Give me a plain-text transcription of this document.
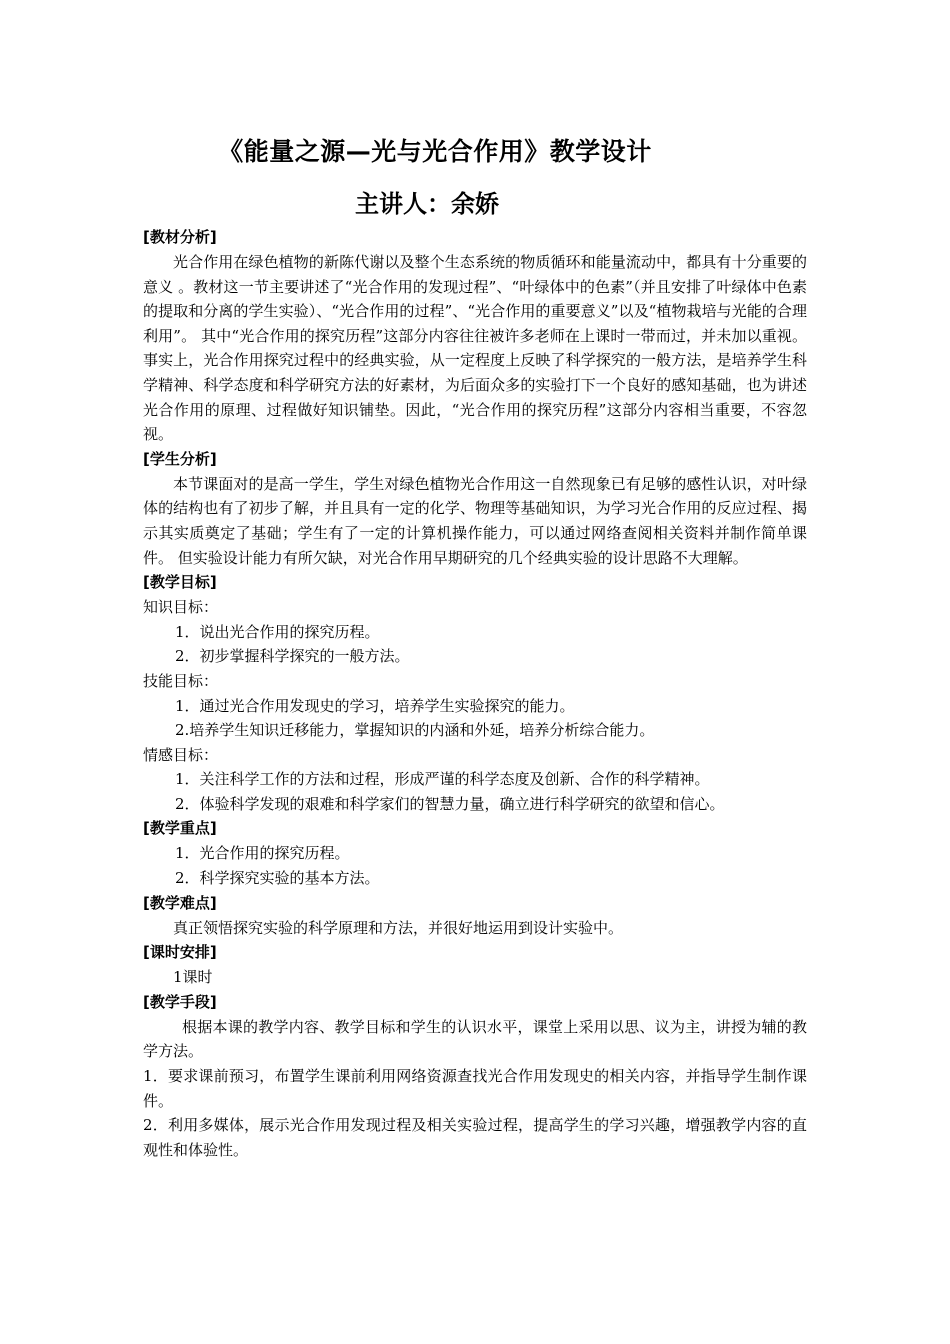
《能量之源—光与光合作用》教学设计
主讲人：余娇
[教材分析]
光合作用在绿色植物的新陈代谢以及整个生态系统的物质循环和能量流动中，都具有十分重要的意义 。教材这一节主要讲述了“光合作用的发现过程”、“叶绿体中的色素”（并且安排了叶绿体中色素的提取和分离的学生实验）、“光合作用的过程”、“光合作用的重要意义”以及“植物栽培与光能的合理利用”。 其中“光合作用的探究历程”这部分内容往往被许多老师在上课时一带而过，并未加以重视。事实上，光合作用探究过程中的经典实验，从一定程度上反映了科学探究的一般方法，是培养学生科学精神、科学态度和科学研究方法的好素材，为后面众多的实验打下一个良好的感知基础，也为讲述光合作用的原理、过程做好知识铺垫。因此，“光合作用的探究历程”这部分内容相当重要，不容忽视。
[学生分析]
本节课面对的是高一学生，学生对绿色植物光合作用这一自然现象已有足够的感性认识，对叶绿体的结构也有了初步了解，并且具有一定的化学、物理等基础知识，为学习光合作用的反应过程、揭示其实质奠定了基础；学生有了一定的计算机操作能力，可以通过网络查阅相关资料并制作简单课件。 但实验设计能力有所欠缺，对光合作用早期研究的几个经典实验的设计思路不大理解。
[教学目标]
知识目标：
1．说出光合作用的探究历程。
2．初步掌握科学探究的一般方法。
技能目标：
1．通过光合作用发现史的学习，培养学生实验探究的能力。
2.培养学生知识迁移能力，掌握知识的内涵和外延，培养分析综合能力。
情感目标：
1．关注科学工作的方法和过程，形成严谨的科学态度及创新、合作的科学精神。
2．体验科学发现的艰难和科学家们的智慧力量，确立进行科学研究的欲望和信心。
[教学重点]
1．光合作用的探究历程。
2．科学探究实验的基本方法。
[教学难点]
真正领悟探究实验的科学原理和方法，并很好地运用到设计实验中。
[课时安排]
1课时
[教学手段]
根据本课的教学内容、教学目标和学生的认识水平，课堂上采用以思、议为主，讲授为辅的教学方法。
1．要求课前预习，布置学生课前利用网络资源查找光合作用发现史的相关内容，并指导学生制作课件。
2．利用多媒体，展示光合作用发现过程及相关实验过程，提高学生的学习兴趣，增强教学内容的直观性和体验性。
